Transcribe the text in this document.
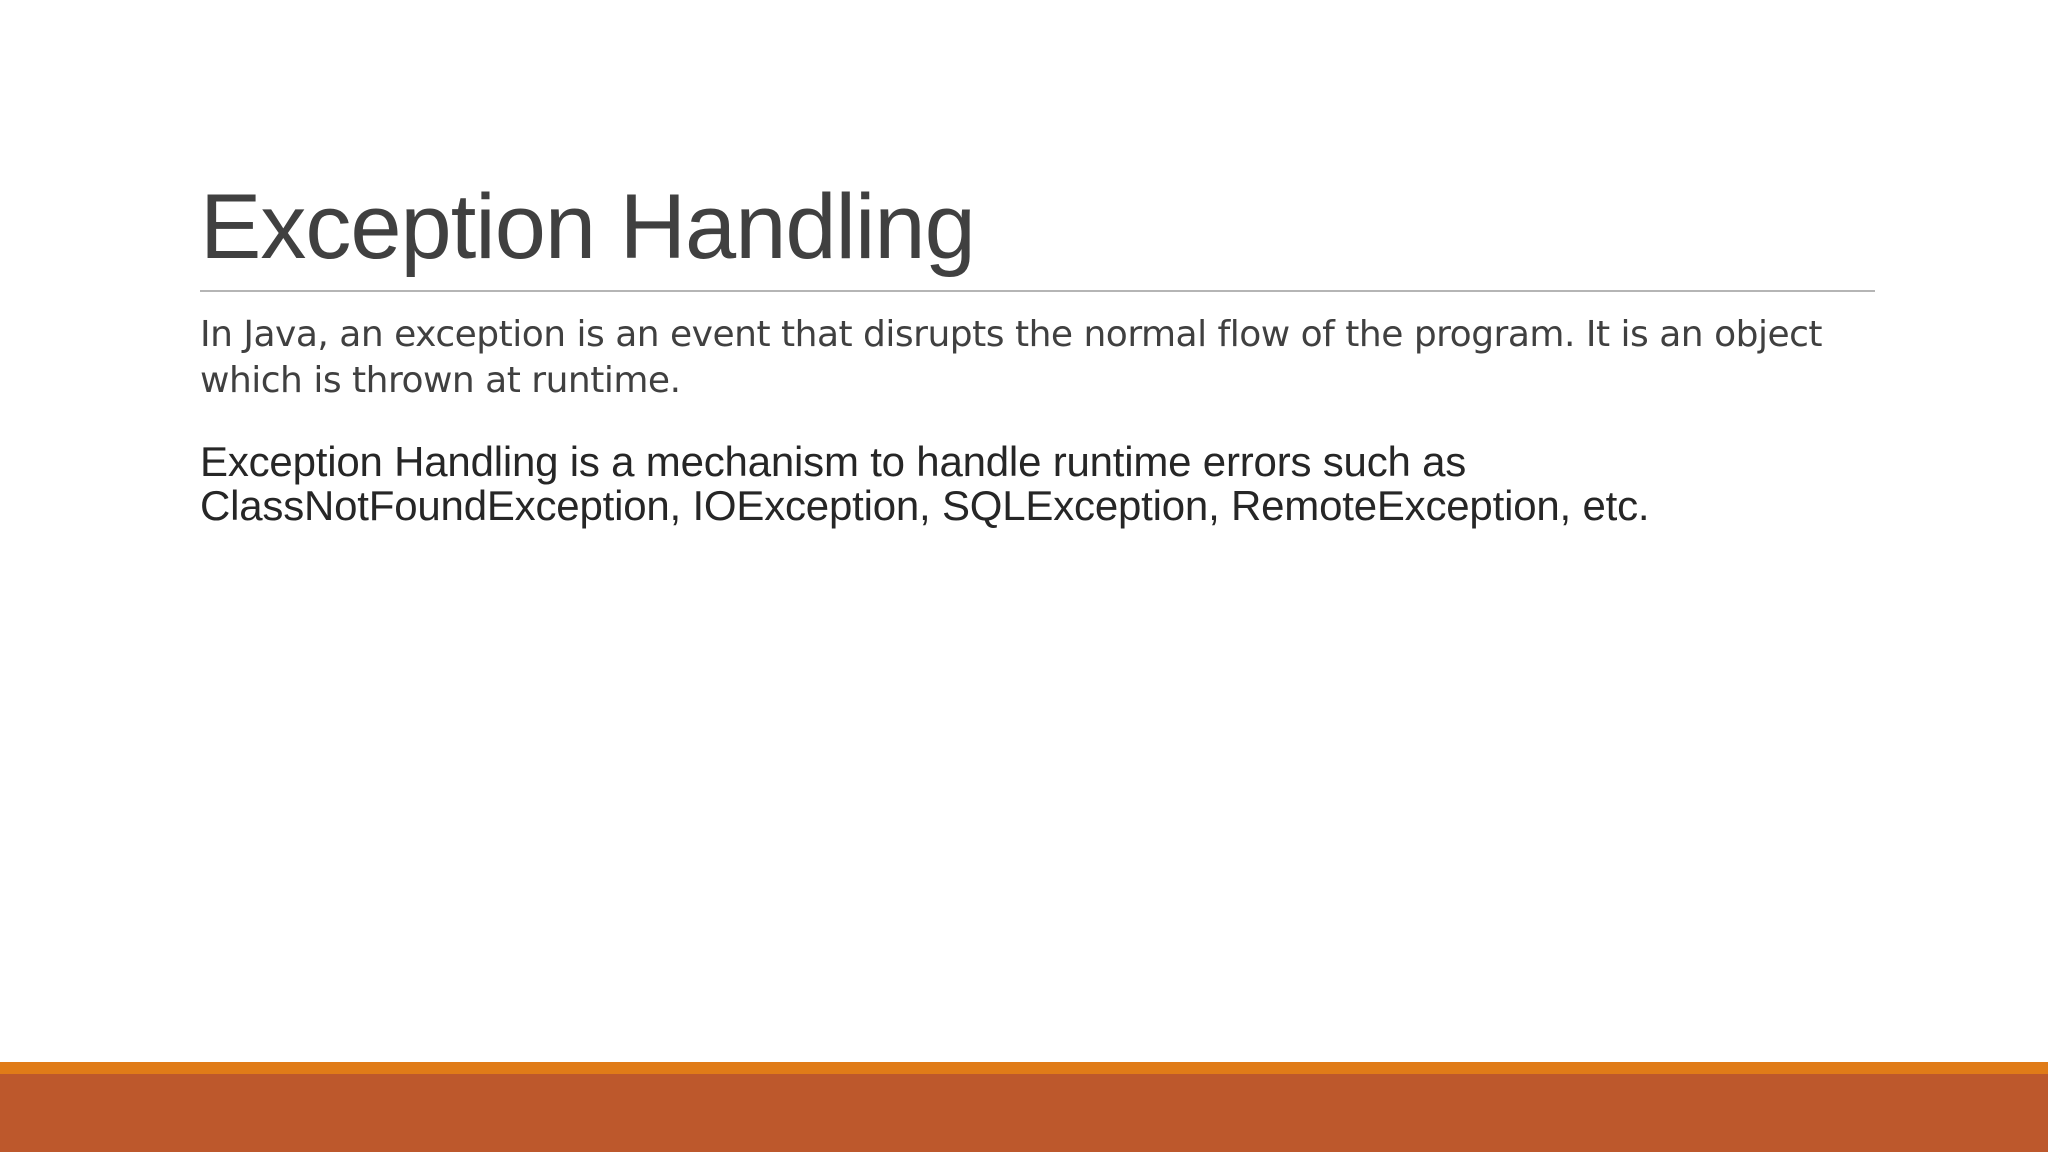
Exception Handling

In Java, an exception is an event that disrupts the normal flow of the program. It is an object which is thrown at runtime.

Exception Handling is a mechanism to handle runtime errors such as ClassNotFoundException, IOException, SQLException, RemoteException, etc.
